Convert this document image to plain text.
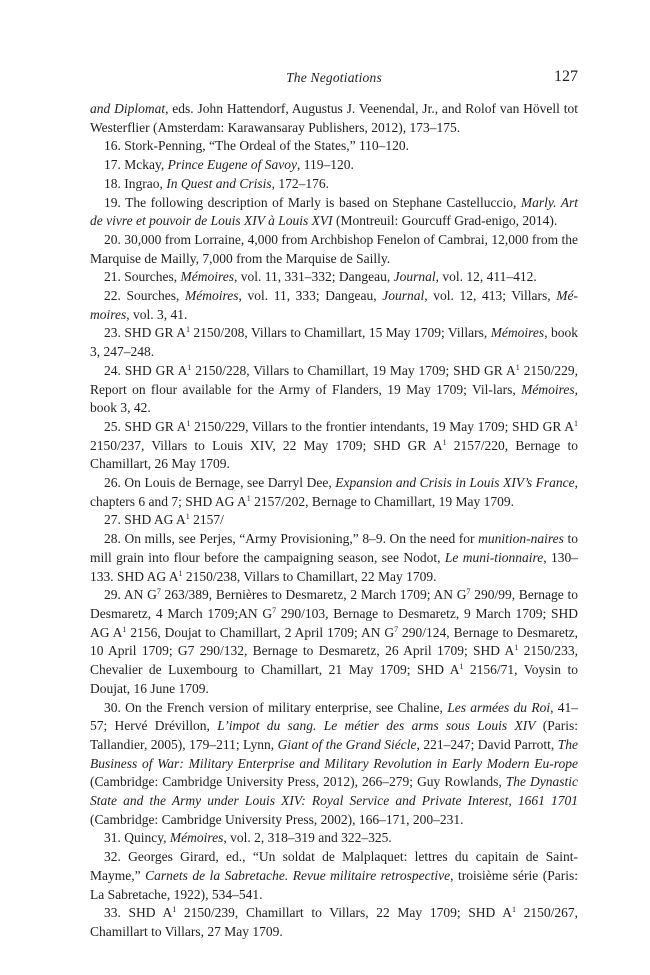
The Negotiations	127

and Diplomat, eds. John Hattendorf, Augustus J. Veenendal, Jr., and Rolof van Hövell tot Westerflier (Amsterdam: Karawansaray Publishers, 2012), 173–175.

16. Stork-Penning, “The Ordeal of the States,” 110–120.

17. Mckay, Prince Eugene of Savoy, 119–120.

18. Ingrao, In Quest and Crisis, 172–176.

19. The following description of Marly is based on Stephane Castelluccio, Marly. Art de vivre et pouvoir de Louis XIV à Louis XVI (Montreuil: Gourcuff Grad-enigo, 2014).

20. 30,000 from Lorraine, 4,000 from Archbishop Fenelon of Cambrai, 12,000 from the Marquise de Mailly, 7,000 from the Marquise de Sailly.

21. Sourches, Mémoires, vol. 11, 331–332; Dangeau, Journal, vol. 12, 411–412.

22. Sourches, Mémoires, vol. 11, 333; Dangeau, Journal, vol. 12, 413; Villars, Mé-moires, vol. 3, 41.

23. SHD GR $A^1$ 2150/208, Villars to Chamillart, 15 May 1709; Villars, Mémoires, book 3, 247–248.

24. SHD GR $A^1$ 2150/228, Villars to Chamillart, 19 May 1709; SHD GR $A^1$ 2150/229, Report on flour available for the Army of Flanders, 19 May 1709; Vil-lars, Mémoires, book 3, 42.

25. SHD GR $A^1$ 2150/229, Villars to the frontier intendants, 19 May 1709; SHD GR $A^1$ 2150/237, Villars to Louis XIV, 22 May 1709; SHD GR $A^1$ 2157/220, Bernage to Chamillart, 26 May 1709.

26. On Louis de Bernage, see Darryl Dee, Expansion and Crisis in Louis XIV’s France, chapters 6 and 7; SHD AG $A^1$ 2157/202, Bernage to Chamillart, 19 May 1709.

27. SHD AG $A^1$ 2157/

28. On mills, see Perjes, “Army Provisioning,” 8–9. On the need for munition-naires to mill grain into flour before the campaigning season, see Nodot, Le muni-tionnaire, 130–133. SHD AG $A^1$ 2150/238, Villars to Chamillart, 22 May 1709.

29. AN $G^7$ 263/389, Bernières to Desmaretz, 2 March 1709; AN $G^7$ 290/99, Bernage to Desmaretz, 4 March 1709;AN $G^7$ 290/103, Bernage to Desmaretz, 9 March 1709; SHD AG $A^1$ 2156, Doujat to Chamillart, 2 April 1709; AN $G^7$ 290/124, Bernage to Desmaretz, 10 April 1709; G7 290/132, Bernage to Desmaretz, 26 April 1709; SHD $A^1$ 2150/233, Chevalier de Luxembourg to Chamillart, 21 May 1709; SHD $A^1$ 2156/71, Voysin to Doujat, 16 June 1709.

30. On the French version of military enterprise, see Chaline, Les armées du Roi, 41–57; Hervé Drévillon, L’impot du sang. Le métier des arms sous Louis XIV (Paris: Tallandier, 2005), 179–211; Lynn, Giant of the Grand Siécle, 221–247; David Parrott, The Business of War: Military Enterprise and Military Revolution in Early Modern Eu-rope (Cambridge: Cambridge University Press, 2012), 266–279; Guy Rowlands, The Dynastic State and the Army under Louis XIV: Royal Service and Private Interest, 1661 1701 (Cambridge: Cambridge University Press, 2002), 166–171, 200–231.

31. Quincy, Mémoires, vol. 2, 318–319 and 322–325.

32. Georges Girard, ed., “Un soldat de Malplaquet: lettres du capitain de Saint-Mayme,” Carnets de la Sabretache. Revue militaire retrospective, troisième série (Paris: La Sabretache, 1922), 534–541.

33. SHD $A^1$ 2150/239, Chamillart to Villars, 22 May 1709; SHD $A^1$ 2150/267, Chamillart to Villars, 27 May 1709.
